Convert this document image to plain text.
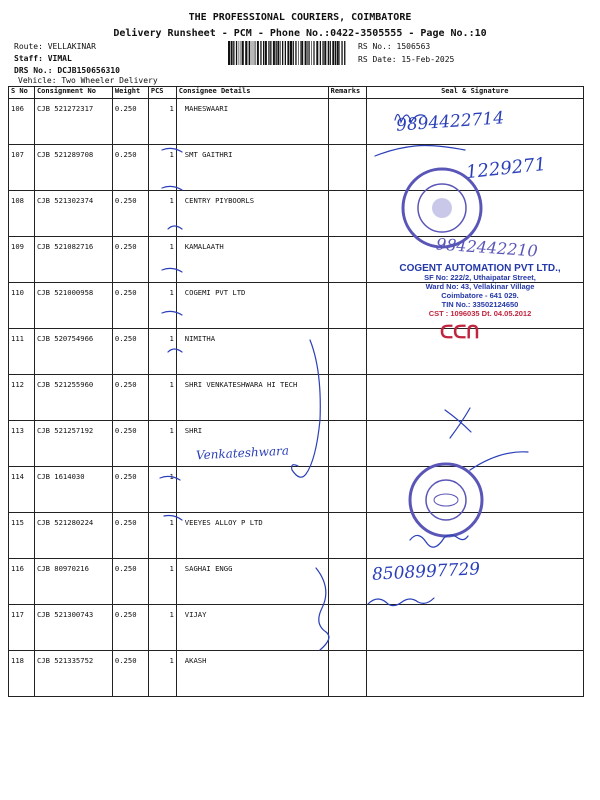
THE PROFESSIONAL COURIERS, COIMBATORE
Delivery Runsheet - PCM - Phone No.:0422-3505555 - Page No.:10
Route: VELLAKINAR
Staff: VIMAL
DRS No.: DCJB150656310
Vehicle: Two Wheeler Delivery
RS No.: 1506563
RS Date: 15-Feb-2025
S No	Consignment No	Weight	PCS	Consignee Details	Remarks	Seal & Signature
106	CJB 521272317	0.250	1	MAHESWAARI		
107	CJB 521289708	0.250	1	SMT GAITHRI		
108	CJB 521302374	0.250	1	CENTRY PIYBOORLS		
109	CJB 521082716	0.250	1	KAMALAATH		
110	CJB 521000958	0.250	1	COGEMI PVT LTD		
111	CJB 520754966	0.250	1	NIMITHA		
112	CJB 521255960	0.250	1	SHRI VENKATESHWARA HI TECH		
113	CJB 521257192	0.250	1	SHRI		
114	CJB 1614030	0.250	1			
115	CJB 521280224	0.250	1	VEEYES ALLOY P LTD		
116	CJB 80970216	0.250	1	SAGHAI ENGG		
117	CJB 521300743	0.250	1	VIJAY		
118	CJB 521335752	0.250	1	AKASH		
9894422714
1229271
9842442210
Venkateshwara
8508997729
COGENT AUTOMATION PVT LTD.,
SF No: 222/2, Uthaipatar Street,
Ward No: 43, Vellakinar Village
Coimbatore - 641 029.
TIN No.: 33502124650
CST : 1096035 Dt. 04.05.2012
ᑕᑕᑎ
